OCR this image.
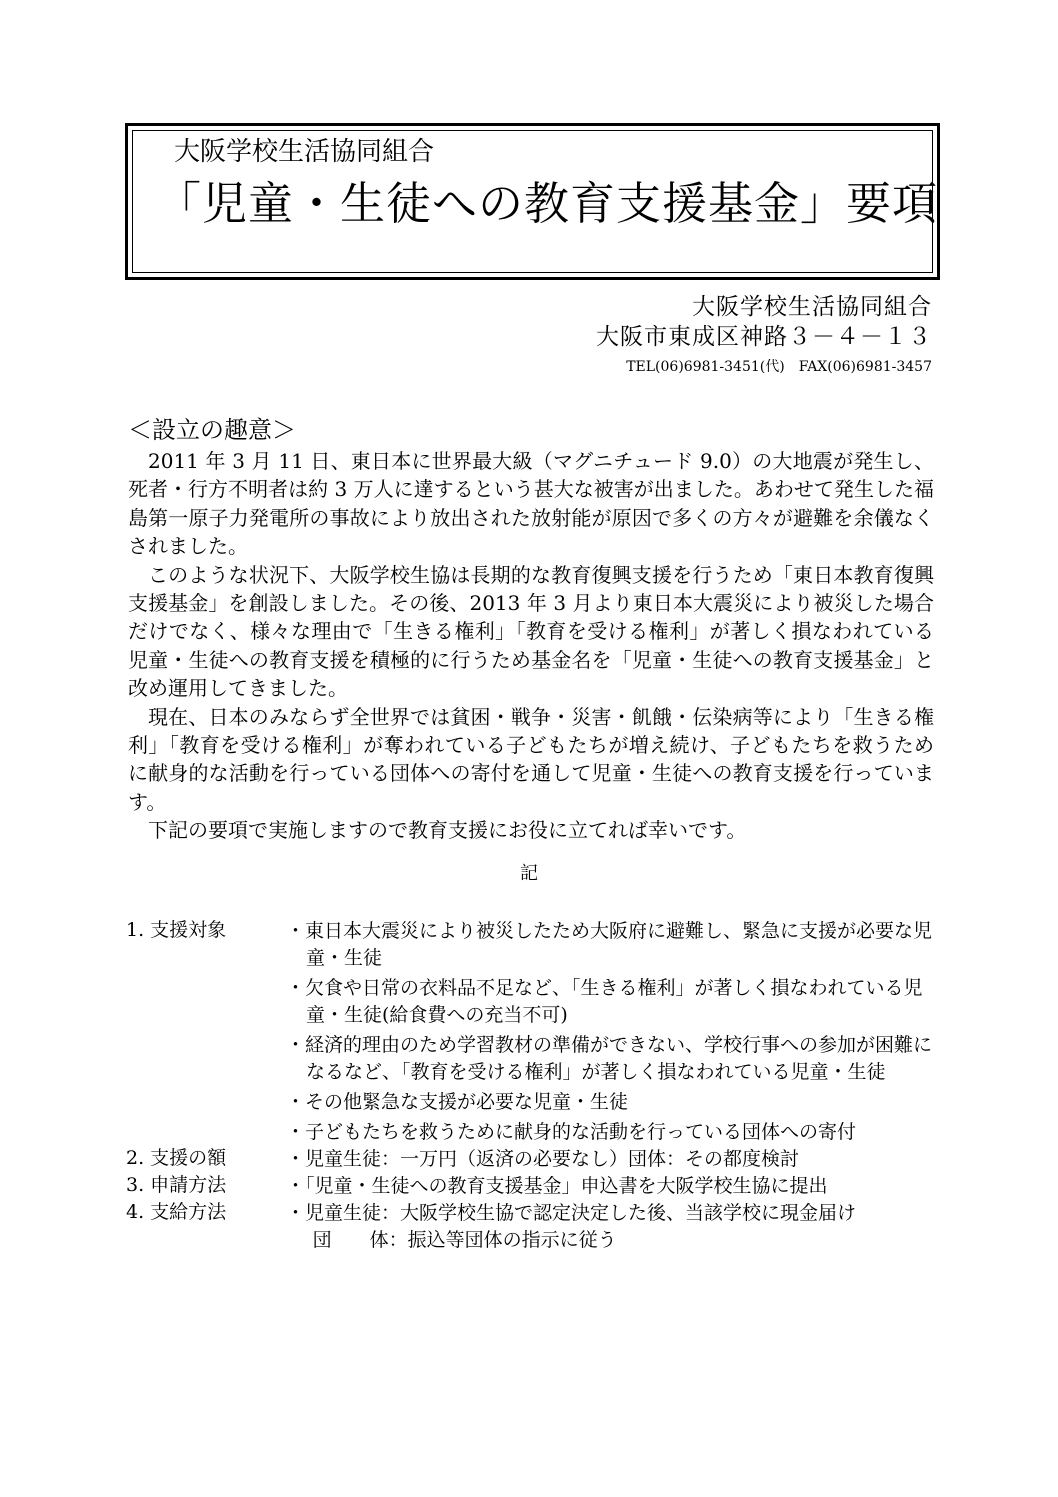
大阪学校生活協同組合
「児童・生徒への教育支援基金」要項
大阪学校生活協同組合
大阪市東成区神路３－４－１３
TEL(06)6981-3451(代)　FAX(06)6981-3457
＜設立の趣意＞

2011 年 3 月 11 日、東日本に世界最大級（マグニチュード 9.0）の大地震が発生し、死者・行方不明者は約 3 万人に達するという甚大な被害が出ました。あわせて発生した福島第一原子力発電所の事故により放出された放射能が原因で多くの方々が避難を余儀なくされました。

このような状況下、大阪学校生協は長期的な教育復興支援を行うため「東日本教育復興支援基金」を創設しました。その後、2013 年 3 月より東日本大震災により被災した場合だけでなく、様々な理由で「生きる権利」「教育を受ける権利」が著しく損なわれている児童・生徒への教育支援を積極的に行うため基金名を「児童・生徒への教育支援基金」と改め運用してきました。

現在、日本のみならず全世界では貧困・戦争・災害・飢餓・伝染病等により「生きる権利」「教育を受ける権利」が奪われている子どもたちが増え続け、子どもたちを救うために献身的な活動を行っている団体への寄付を通して児童・生徒への教育支援を行っています。

下記の要項で実施しますので教育支援にお役に立てれば幸いです。

記
1. 支援対象	・東日本大震災により被災したため大阪府に避難し、緊急に支援が必要な児童・生徒
・欠食や日常の衣料品不足など、「生きる権利」が著しく損なわれている児童・生徒(給食費への充当不可)
・経済的理由のため学習教材の準備ができない、学校行事への参加が困難になるなど、「教育を受ける権利」が著しく損なわれている児童・生徒
・その他緊急な支援が必要な児童・生徒
・子どもたちを救うために献身的な活動を行っている団体への寄付
2. 支援の額	・児童生徒：一万円（返済の必要なし）団体：その都度検討
3. 申請方法	・「児童・生徒への教育支援基金」申込書を大阪学校生協に提出
4. 支給方法	・児童生徒：大阪学校生協で認定決定した後、当該学校に現金届け
団　　体：振込等団体の指示に従う
